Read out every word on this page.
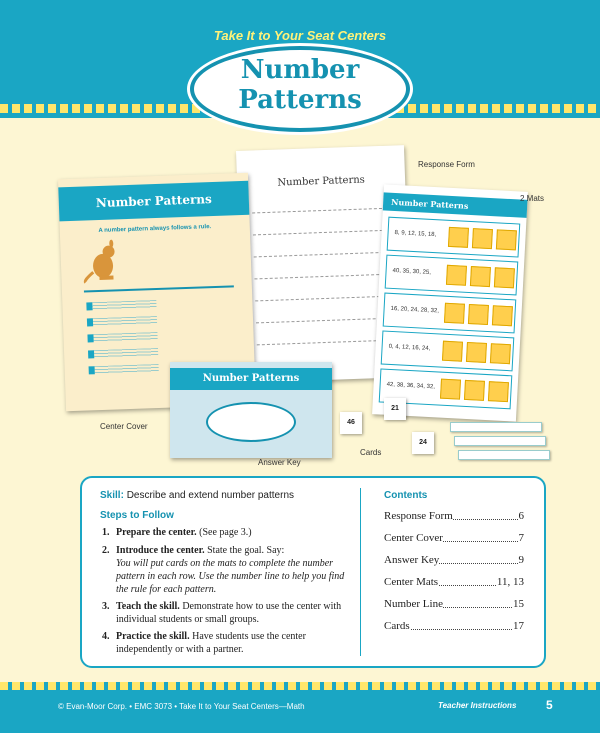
Take It to Your Seat Centers
Number
Patterns
Number Patterns
Number Patterns
A number pattern always follows a rule.
Number Patterns
8, 9, 12, 15, 18,
40, 35, 30, 25,
16, 20, 24, 28, 32,
0, 4, 12, 16, 24,
42, 38, 36, 34, 32,
Number Patterns
46
21
24
Response Form
2 Mats
Center Cover
Answer Key
Cards
Skill: Describe and extend number patterns
Steps to Follow
1. Prepare the center. (See page 3.)
2. Introduce the center. State the goal. Say:
You will put cards on the mats to complete the number pattern in each row. Use the number line to help you find the rule for each pattern.
3. Teach the skill. Demonstrate how to use the center with individual students or small groups.
4. Practice the skill. Have students use the center independently or with a partner.
Contents
Response Form	6
Center Cover	7
Answer Key	9
Center Mats	11, 13
Number Line	15
Cards	17
© Evan-Moor Corp. • EMC 3073 • Take It to Your Seat Centers—Math	Teacher Instructions 5
